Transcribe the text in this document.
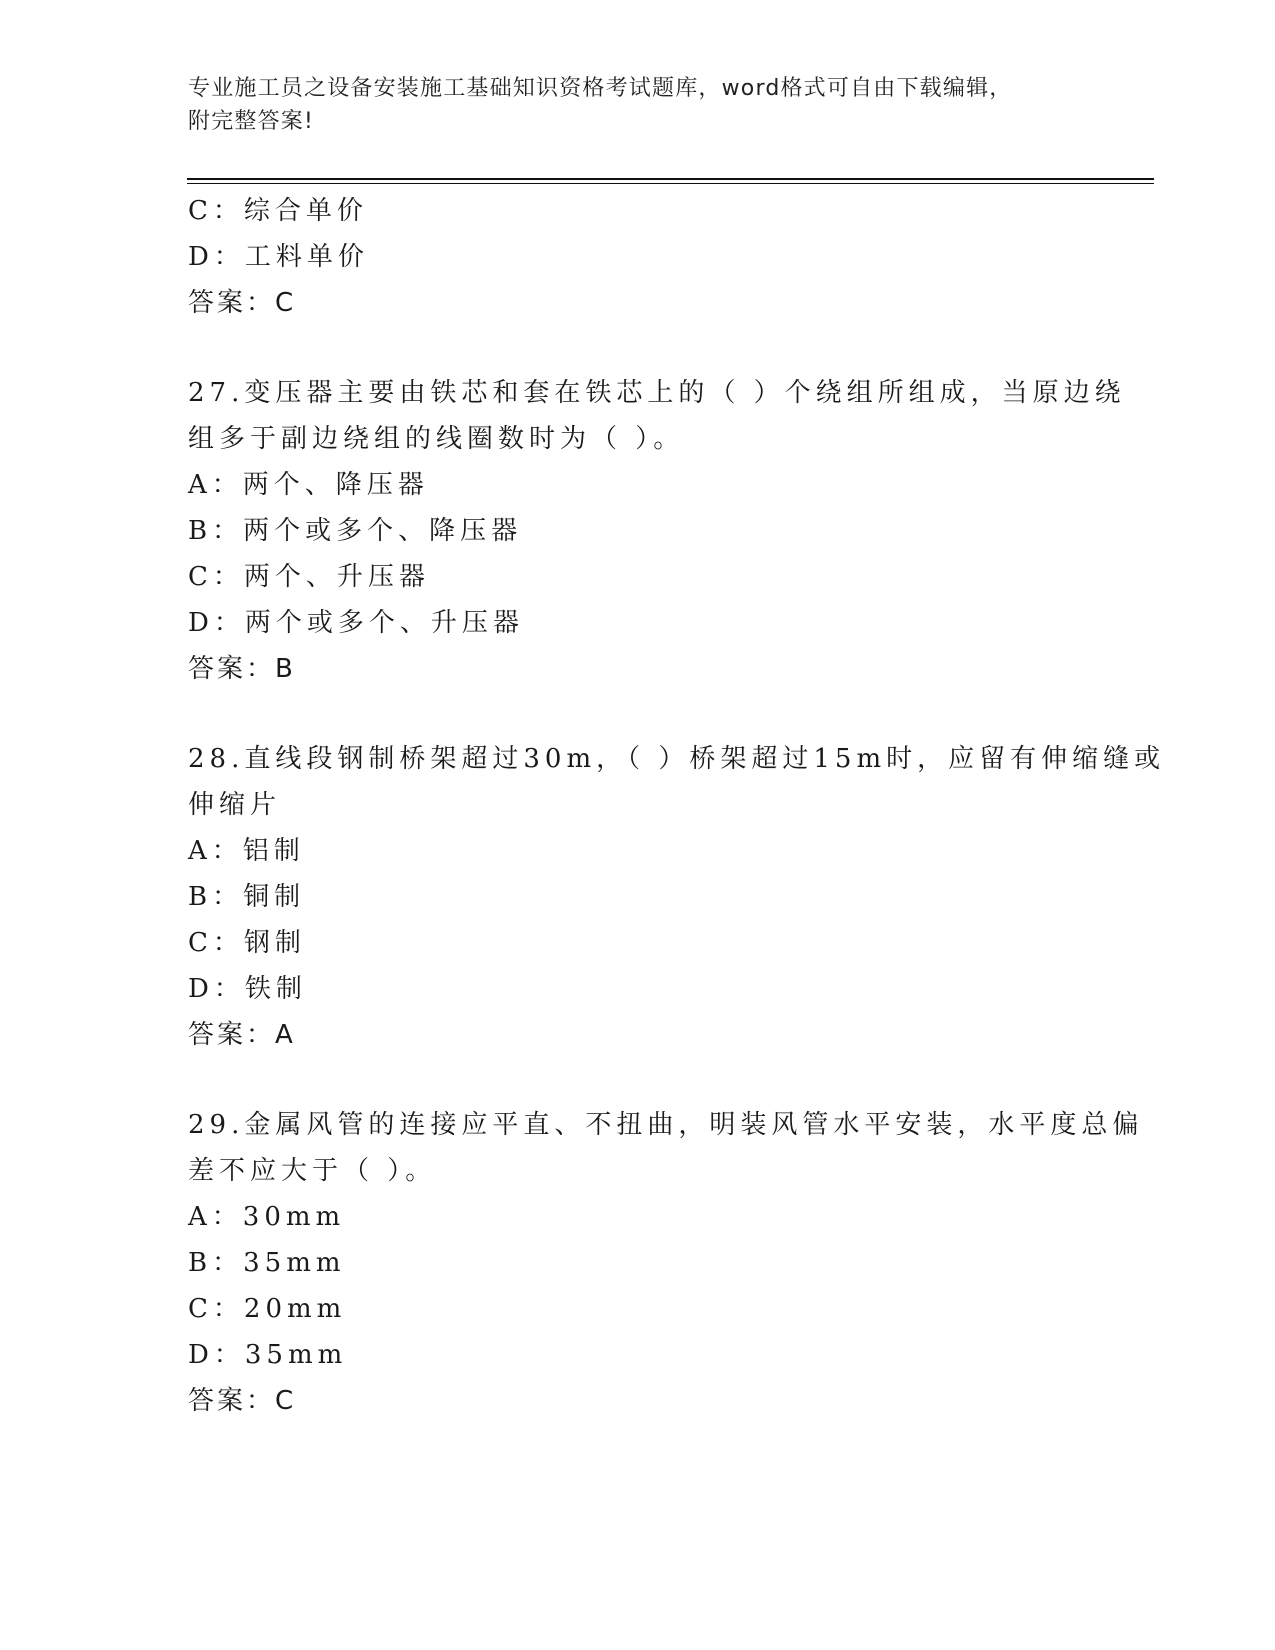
专业施工员之设备安装施工基础知识资格考试题库，word格式可自由下载编辑，
附完整答案!
C：综合单价
D：工料单价
答案：C
27.变压器主要由铁芯和套在铁芯上的（ ）个绕组所组成，当原边绕
组多于副边绕组的线圈数时为（ ）。
A：两个、降压器
B：两个或多个、降压器
C：两个、升压器
D：两个或多个、升压器
答案：B
28.直线段钢制桥架超过30m，（ ）桥架超过15m时，应留有伸缩缝或
伸缩片
A：铝制
B：铜制
C：钢制
D：铁制
答案：A
29.金属风管的连接应平直、不扭曲，明装风管水平安装，水平度总偏
差不应大于（ ）。
A：30mm
B：35mm
C：20mm
D：35mm
答案：C
